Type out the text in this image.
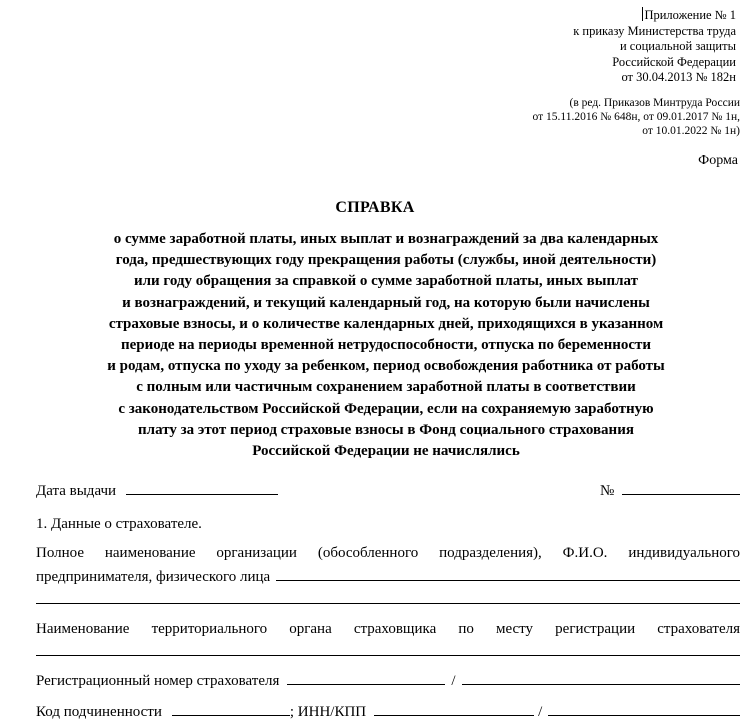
Приложение № 1
к приказу Министерства труда
и социальной защиты
Российской Федерации
от 30.04.2013 № 182н
(в ред. Приказов Минтруда России
от 15.11.2016 № 648н, от 09.01.2017 № 1н,
от 10.01.2022 № 1н)
Форма
СПРАВКА
о сумме заработной платы, иных выплат и вознаграждений за два календарных
года, предшествующих году прекращения работы (службы, иной деятельности)
или году обращения за справкой о сумме заработной платы, иных выплат
и вознаграждений, и текущий календарный год, на которую были начислены
страховые взносы, и о количестве календарных дней, приходящихся в указанном
периоде на периоды временной нетрудоспособности, отпуска по беременности
и родам, отпуска по уходу за ребенком, период освобождения работника от работы
с полным или частичным сохранением заработной платы в соответствии
с законодательством Российской Федерации, если на сохраняемую заработную
плату за этот период страховые взносы в Фонд социального страхования
Российской Федерации не начислялись
Дата выдачи	№
1. Данные о страхователе.
Полное наименование организации (обособленного подразделения), Ф.И.О. индивидуального
предпринимателя, физического лица
Наименование территориального органа страховщика по месту регистрации страхователя
Регистрационный номер страхователя	/
Код подчиненности	; ИНН/КПП	/
